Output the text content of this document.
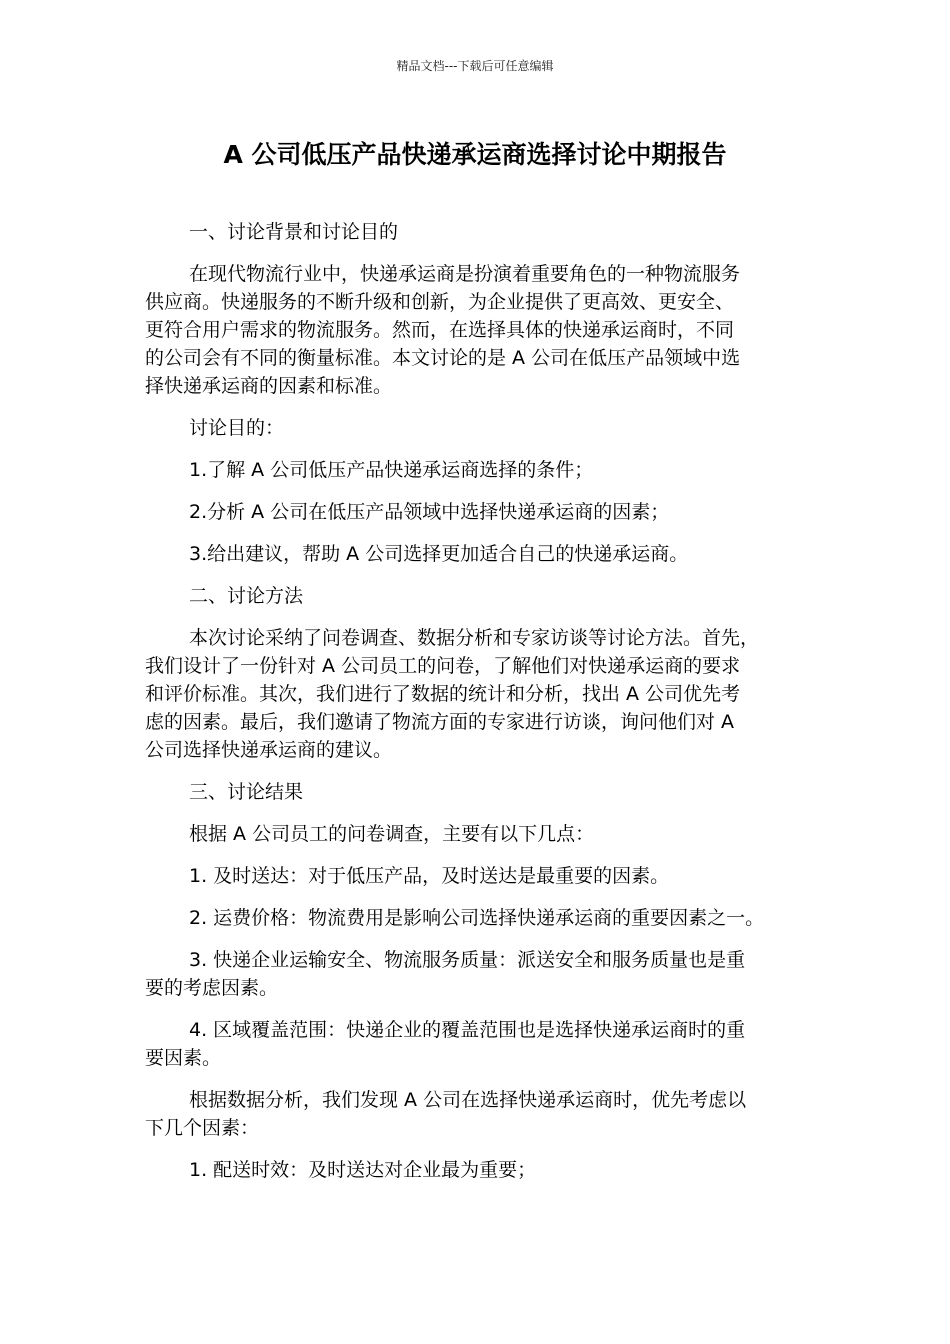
精品文档---下载后可任意编辑
A 公司低压产品快递承运商选择讨论中期报告

一、讨论背景和讨论目的

在现代物流行业中，快递承运商是扮演着重要角色的一种物流服务
供应商。快递服务的不断升级和创新，为企业提供了更高效、更安全、
更符合用户需求的物流服务。然而，在选择具体的快递承运商时，不同
的公司会有不同的衡量标准。本文讨论的是 A 公司在低压产品领域中选
择快递承运商的因素和标准。

讨论目的：

1.了解 A 公司低压产品快递承运商选择的条件；

2.分析 A 公司在低压产品领域中选择快递承运商的因素；

3.给出建议，帮助 A 公司选择更加适合自己的快递承运商。

二、讨论方法

本次讨论采纳了问卷调查、数据分析和专家访谈等讨论方法。首先，
我们设计了一份针对 A 公司员工的问卷，了解他们对快递承运商的要求
和评价标准。其次，我们进行了数据的统计和分析，找出 A 公司优先考
虑的因素。最后，我们邀请了物流方面的专家进行访谈，询问他们对 A
公司选择快递承运商的建议。

三、讨论结果

根据 A 公司员工的问卷调查，主要有以下几点：

1. 及时送达：对于低压产品，及时送达是最重要的因素。

2. 运费价格：物流费用是影响公司选择快递承运商的重要因素之一。

3. 快递企业运输安全、物流服务质量：派送安全和服务质量也是重
要的考虑因素。

4. 区域覆盖范围：快递企业的覆盖范围也是选择快递承运商时的重
要因素。

根据数据分析，我们发现 A 公司在选择快递承运商时，优先考虑以
下几个因素：

1. 配送时效：及时送达对企业最为重要；
